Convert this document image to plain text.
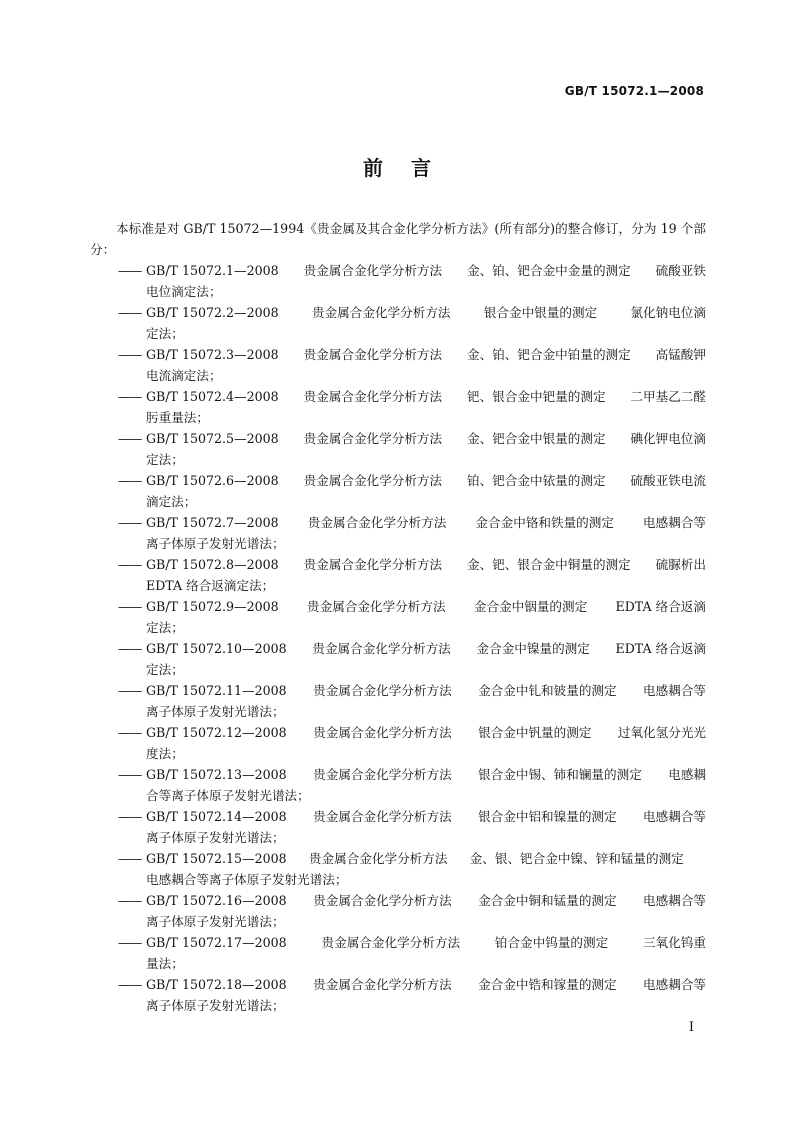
GB/T 15072.1—2008
前言

本标准是对 GB/T 15072—1994《贵金属及其合金化学分析方法》(所有部分)的整合修订，分为 19 个部分：

—— GB/T 15072.1—2008 贵金属合金化学分析方法 金、铂、钯合金中金量的测定 硫酸亚铁
电位滴定法；
—— GB/T 15072.2—2008	贵金属合金化学分析方法	银合金中银量的测定	氯化钠电位滴
定法；
—— GB/T 15072.3—2008 贵金属合金化学分析方法 金、铂、钯合金中铂量的测定 高锰酸钾
电流滴定法；
—— GB/T 15072.4—2008 贵金属合金化学分析方法 钯、银合金中钯量的测定 二甲基乙二醛
肟重量法；
—— GB/T 15072.5—2008 贵金属合金化学分析方法 金、钯合金中银量的测定 碘化钾电位滴
定法；
—— GB/T 15072.6—2008 贵金属合金化学分析方法 铂、钯合金中铱量的测定 硫酸亚铁电流
滴定法；
—— GB/T 15072.7—2008 贵金属合金化学分析方法 金合金中铬和铁量的测定 电感耦合等
离子体原子发射光谱法；
—— GB/T 15072.8—2008 贵金属合金化学分析方法 金、钯、银合金中铜量的测定 硫脲析出
EDTA 络合返滴定法；
—— GB/T 15072.9—2008 贵金属合金化学分析方法 金合金中铟量的测定 EDTA 络合返滴
定法；
—— GB/T 15072.10—2008 贵金属合金化学分析方法 金合金中镍量的测定 EDTA 络合返滴
定法；
—— GB/T 15072.11—2008 贵金属合金化学分析方法 金合金中钆和铍量的测定 电感耦合等
离子体原子发射光谱法；
—— GB/T 15072.12—2008 贵金属合金化学分析方法 银合金中钒量的测定 过氧化氢分光光
度法；
—— GB/T 15072.13—2008 贵金属合金化学分析方法 银合金中锡、铈和镧量的测定 电感耦
合等离子体原子发射光谱法；
—— GB/T 15072.14—2008 贵金属合金化学分析方法 银合金中铝和镍量的测定 电感耦合等
离子体原子发射光谱法；
—— GB/T 15072.15—2008 贵金属合金化学分析方法 金、银、钯合金中镍、锌和锰量的测定
电感耦合等离子体原子发射光谱法；
—— GB/T 15072.16—2008 贵金属合金化学分析方法 金合金中铜和锰量的测定 电感耦合等
离子体原子发射光谱法；
—— GB/T 15072.17—2008	贵金属合金化学分析方法	铂合金中钨量的测定	三氧化钨重
量法；
—— GB/T 15072.18—2008 贵金属合金化学分析方法 金合金中锆和镓量的测定 电感耦合等
离子体原子发射光谱法；
I
